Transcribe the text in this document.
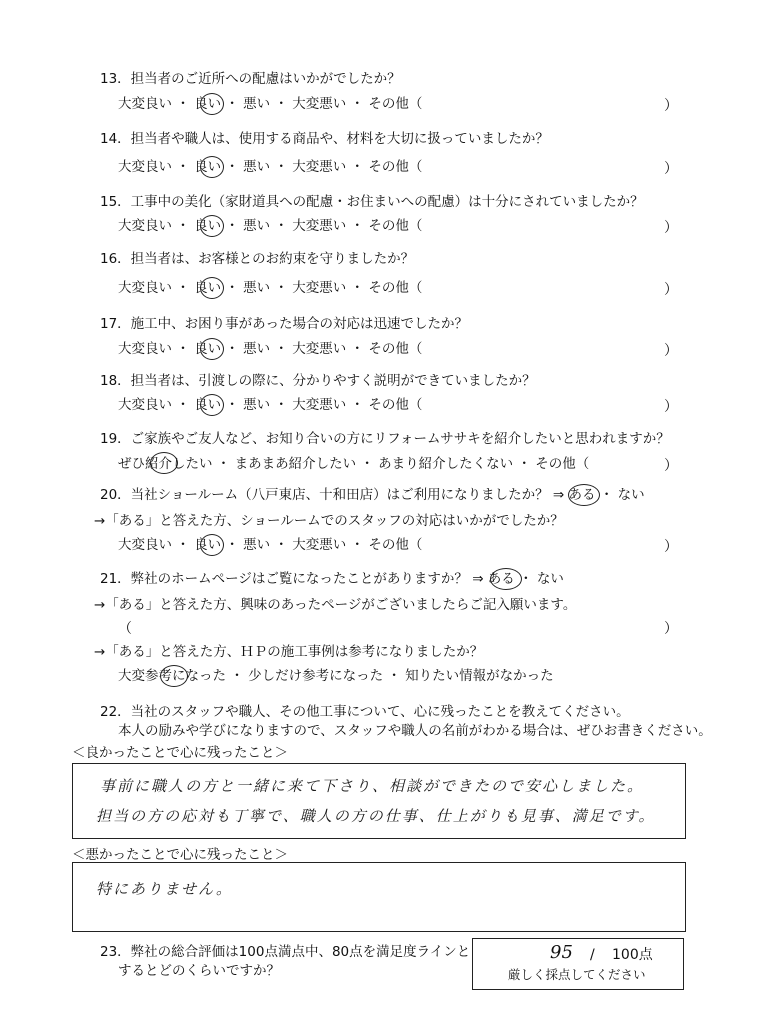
13．担当者のご近所への配慮はいかがでしたか？
大変良い ・ 良い ・ 悪い ・ 大変悪い ・ その他（	）
14．担当者や職人は、使用する商品や、材料を大切に扱っていましたか？
大変良い ・ 良い ・ 悪い ・ 大変悪い ・ その他（	）
15．工事中の美化（家財道具への配慮・お住まいへの配慮）は十分にされていましたか？
大変良い ・ 良い ・ 悪い ・ 大変悪い ・ その他（	）
16．担当者は、お客様とのお約束を守りましたか？
大変良い ・ 良い ・ 悪い ・ 大変悪い ・ その他（	）
17．施工中、お困り事があった場合の対応は迅速でしたか？
大変良い ・ 良い ・ 悪い ・ 大変悪い ・ その他（	）
18．担当者は、引渡しの際に、分かりやすく説明ができていましたか？
大変良い ・ 良い ・ 悪い ・ 大変悪い ・ その他（	）
19．ご家族やご友人など、お知り合いの方にリフォームササキを紹介したいと思われますか？
ぜひ紹介したい ・ まあまあ紹介したい ・ あまり紹介したくない ・ その他（	）
20．当社ショールーム（八戸東店、十和田店）はご利用になりましたか？ ⇒ ある ・ ない
→「ある」と答えた方、ショールームでのスタッフの対応はいかがでしたか？
大変良い ・ 良い ・ 悪い ・ 大変悪い ・ その他（	）
21．弊社のホームページはご覧になったことがありますか？ ⇒ ある ・ ない
→「ある」と答えた方、興味のあったページがございましたらご記入願います。
（	）
→「ある」と答えた方、ＨＰの施工事例は参考になりましたか？
大変参考になった ・ 少しだけ参考になった ・ 知りたい情報がなかった
22．当社のスタッフや職人、その他工事について、心に残ったことを教えてください。
本人の励みや学びになりますので、スタッフや職人の名前がわかる場合は、ぜひお書きください。
＜良かったことで心に残ったこと＞
事前に職人の方と一緒に来て下さり、相談ができたので安心しました。
担当の方の応対も丁寧で、職人の方の仕事、仕上がりも見事、満足です。
＜悪かったことで心に残ったこと＞
特にありません。
23．弊社の総合評価は100点満点中、80点を満足度ラインと
するとどのくらいですか？
95 / 100点
厳しく採点してください
